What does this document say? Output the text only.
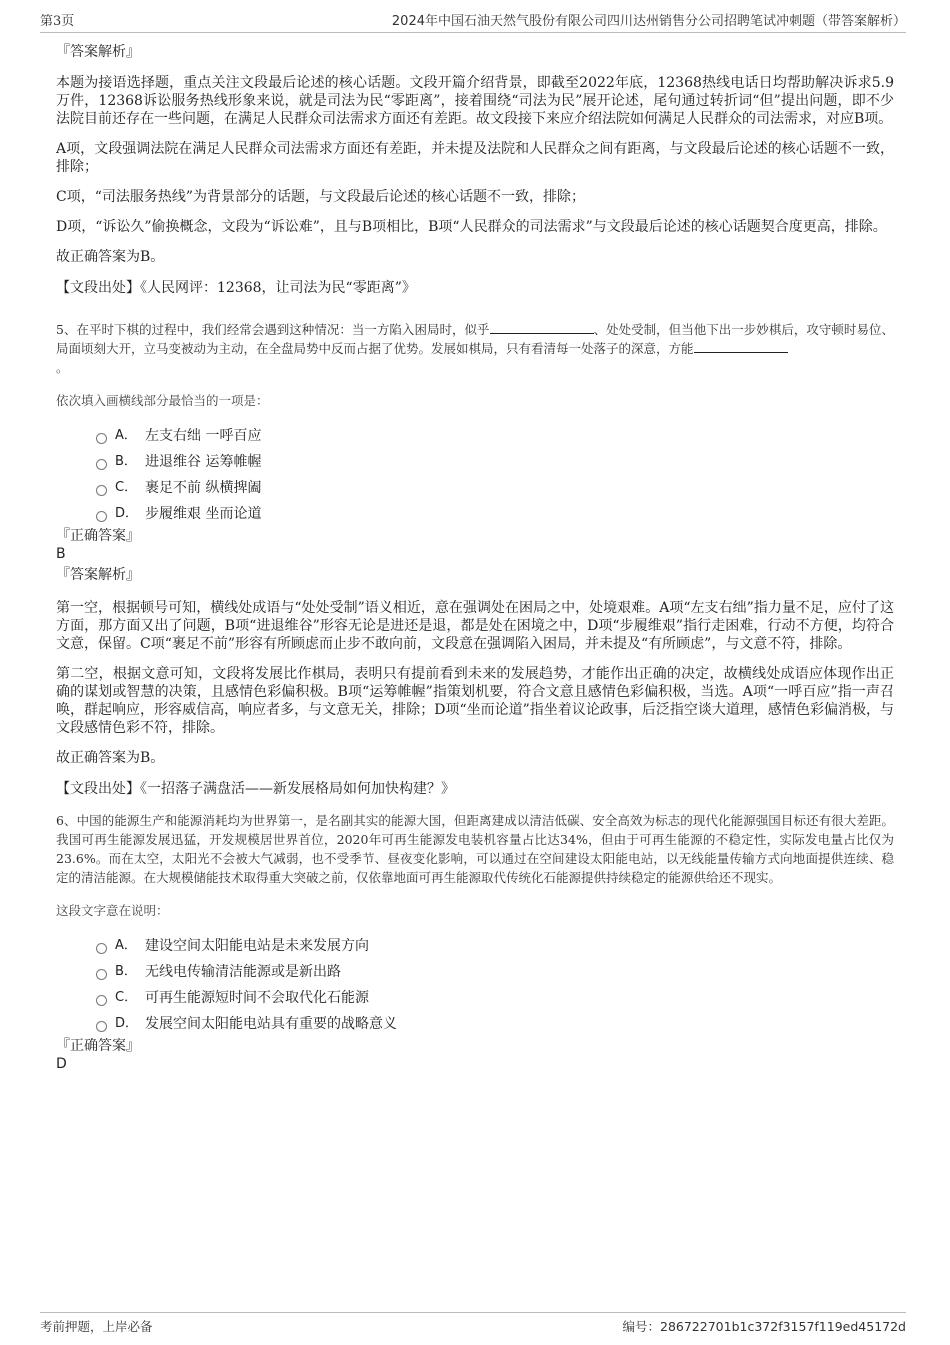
第3页	2024年中国石油天然气股份有限公司四川达州销售分公司招聘笔试冲刺题（带答案解析）

『答案解析』

本题为接语选择题，重点关注文段最后论述的核心话题。文段开篇介绍背景，即截至2022年底，12368热线电话日均帮助解决诉求5.9万件，12368诉讼服务热线形象来说，就是司法为民“零距离”，接着围绕“司法为民”展开论述，尾句通过转折词“但”提出问题，即不少法院目前还存在一些问题，在满足人民群众司法需求方面还有差距。故文段接下来应介绍法院如何满足人民群众的司法需求，对应B项。

A项，文段强调法院在满足人民群众司法需求方面还有差距，并未提及法院和人民群众之间有距离，与文段最后论述的核心话题不一致，排除；

C项，“司法服务热线”为背景部分的话题，与文段最后论述的核心话题不一致，排除；

D项，“诉讼久”偷换概念，文段为“诉讼难”，且与B项相比，B项“人民群众的司法需求”与文段最后论述的核心话题契合度更高，排除。

故正确答案为B。

【文段出处】《人民网评：12368，让司法为民“零距离”》

5、在平时下棋的过程中，我们经常会遇到这种情况：当一方陷入困局时，似乎	、处处受制，但当他下出一步妙棋后，攻守顿时易位、局面顷刻大开，立马变被动为主动，在全盘局势中反而占据了优势。发展如棋局，只有看清每一处落子的深意，方能
。

依次填入画横线部分最恰当的一项是：

A． 左支右绌 一呼百应
B． 进退维谷 运筹帷幄
C． 裹足不前 纵横捭阖
D． 步履维艰 坐而论道

『正确答案』

B

『答案解析』

第一空，根据顿号可知，横线处成语与“处处受制”语义相近，意在强调处在困局之中，处境艰难。A项“左支右绌”指力量不足，应付了这方面，那方面又出了问题，B项“进退维谷”形容无论是进还是退，都是处在困境之中，D项“步履维艰”指行走困难，行动不方便，均符合文意，保留。C项“裹足不前”形容有所顾虑而止步不敢向前，文段意在强调陷入困局，并未提及“有所顾虑”，与文意不符，排除。

第二空，根据文意可知，文段将发展比作棋局，表明只有提前看到未来的发展趋势，才能作出正确的决定，故横线处成语应体现作出正确的谋划或智慧的决策，且感情色彩偏积极。B项“运筹帷幄”指策划机要，符合文意且感情色彩偏积极，当选。A项“一呼百应”指一声召唤，群起响应，形容威信高，响应者多，与文意无关，排除；D项“坐而论道”指坐着议论政事，后泛指空谈大道理，感情色彩偏消极，与文段感情色彩不符，排除。

故正确答案为B。

【文段出处】《一招落子满盘活——新发展格局如何加快构建？》

6、中国的能源生产和能源消耗均为世界第一，是名副其实的能源大国，但距离建成以清洁低碳、安全高效为标志的现代化能源强国目标还有很大差距。我国可再生能源发展迅猛，开发规模居世界首位，2020年可再生能源发电装机容量占比达34%，但由于可再生能源的不稳定性，实际发电量占比仅为23.6%。而在太空，太阳光不会被大气减弱，也不受季节、昼夜变化影响，可以通过在空间建设太阳能电站，以无线能量传输方式向地面提供连续、稳定的清洁能源。在大规模储能技术取得重大突破之前，仅依靠地面可再生能源取代传统化石能源提供持续稳定的能源供给还不现实。

这段文字意在说明：

A． 建设空间太阳能电站是未来发展方向
B． 无线电传输清洁能源或是新出路
C． 可再生能源短时间不会取代化石能源
D． 发展空间太阳能电站具有重要的战略意义

『正确答案』

D

考前押题，上岸必备	编号：286722701b1c372f3157f119ed45172d
